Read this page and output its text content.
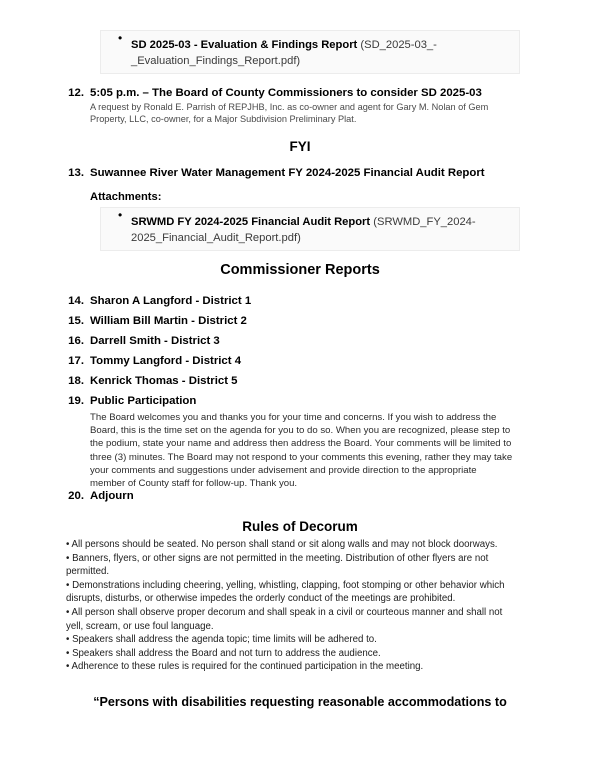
• SD 2025-03 - Evaluation & Findings Report (SD_2025-03_-_Evaluation_Findings_Report.pdf)
12. 5:05 p.m. – The Board of County Commissioners to consider SD 2025-03

A request by Ronald E. Parrish of REPJHB, Inc. as co-owner and agent for Gary M. Nolan of Gem Property, LLC, co-owner, for a Major Subdivision Preliminary Plat.

FYI
13. Suwannee River Water Management FY 2024-2025 Financial Audit Report

Attachments:

• SRWMD FY 2024-2025 Financial Audit Report (SRWMD_FY_2024-2025_Financial_Audit_Report.pdf)
Commissioner Reports
14. Sharon A Langford - District 1

15. William Bill Martin - District 2

16. Darrell Smith - District 3

17. Tommy Langford - District 4

18. Kenrick Thomas - District 5

19. Public Participation

The Board welcomes you and thanks you for your time and concerns. If you wish to address the Board, this is the time set on the agenda for you to do so. When you are recognized, please step to the podium, state your name and address then address the Board. Your comments will be limited to three (3) minutes. The Board may not respond to your comments this evening, rather they may take your comments and suggestions under advisement and provide direction to the appropriate member of County staff for follow-up. Thank you.

20. Adjourn

Rules of Decorum

• All persons should be seated. No person shall stand or sit along walls and may not block doorways.

• Banners, flyers, or other signs are not permitted in the meeting. Distribution of other flyers are not permitted.

• Demonstrations including cheering, yelling, whistling, clapping, foot stomping or other behavior which disrupts, disturbs, or otherwise impedes the orderly conduct of the meetings are prohibited.

• All person shall observe proper decorum and shall speak in a civil or courteous manner and shall not yell, scream, or use foul language.

• Speakers shall address the agenda topic; time limits will be adhered to.

• Speakers shall address the Board and not turn to address the audience.

• Adherence to these rules is required for the continued participation in the meeting.

“Persons with disabilities requesting reasonable accommodations to
